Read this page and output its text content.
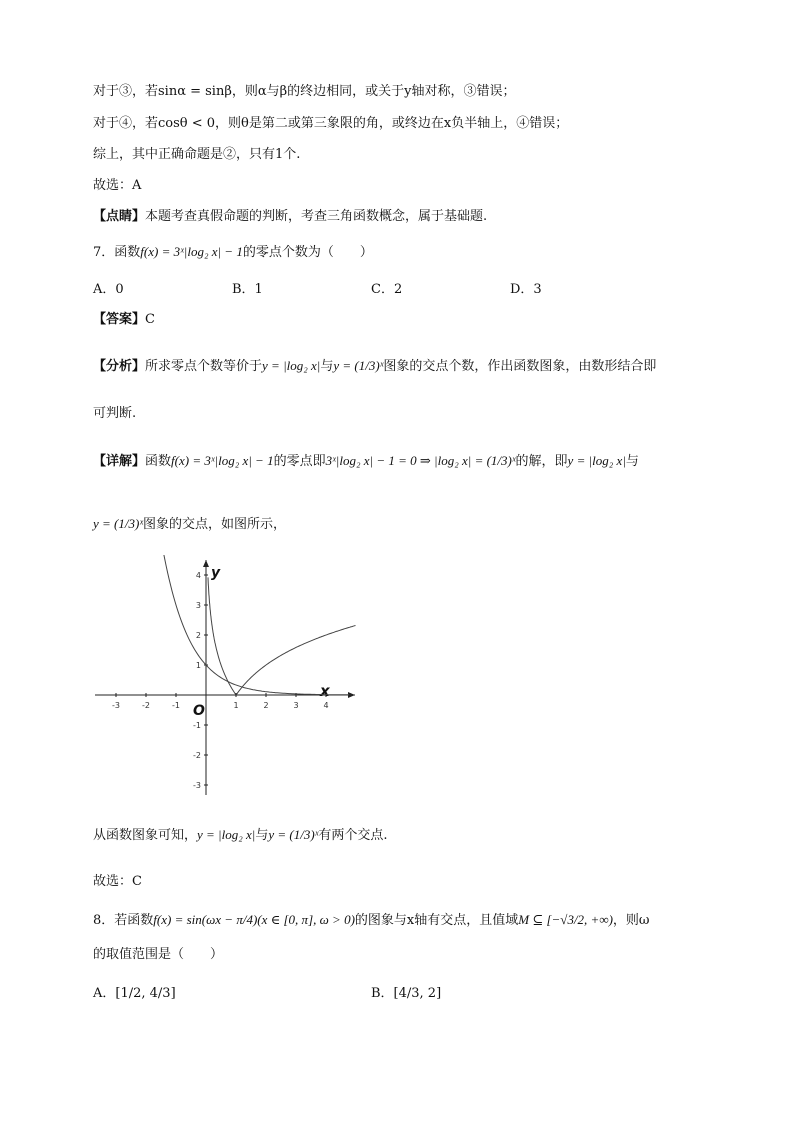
对于③，若sinα = sinβ，则α与β的终边相同，或关于y轴对称，③错误；
对于④，若cosθ < 0，则θ是第二或第三象限的角，或终边在x负半轴上，④错误；
综上，其中正确命题是②，只有1个.
故选：A
【点睛】本题考查真假命题的判断，考查三角函数概念，属于基础题.
7．函数f(x) = 3ˣ|log₂ x| − 1的零点个数为（　　）
A．0	B．1	C．2	D．3
【答案】C
【分析】所求零点个数等价于y = |log₂ x|与y = (1/3)ˣ图象的交点个数，作出函数图象，由数形结合即
可判断.
【详解】函数f(x) = 3ˣ|log₂ x| − 1的零点即3ˣ|log₂ x| − 1 = 0 ⇒ |log₂ x| = (1/3)ˣ的解，即y = |log₂ x|与
y = (1/3)ˣ图象的交点，如图所示，
-3	-2	-1	1	2	3	4
4
3
2
1
-1
-2
-3
y
x
O
从函数图象可知，y = |log₂ x|与y = (1/3)ˣ有两个交点.
故选：C
8．若函数f(x) = sin(ωx − π/4)(x ∈ [0, π], ω > 0)的图象与x轴有交点，且值域M ⊆ [−√3/2, +∞)，则ω
的取值范围是（　　）
A．[1/2, 4/3]	B．[4/3, 2]
